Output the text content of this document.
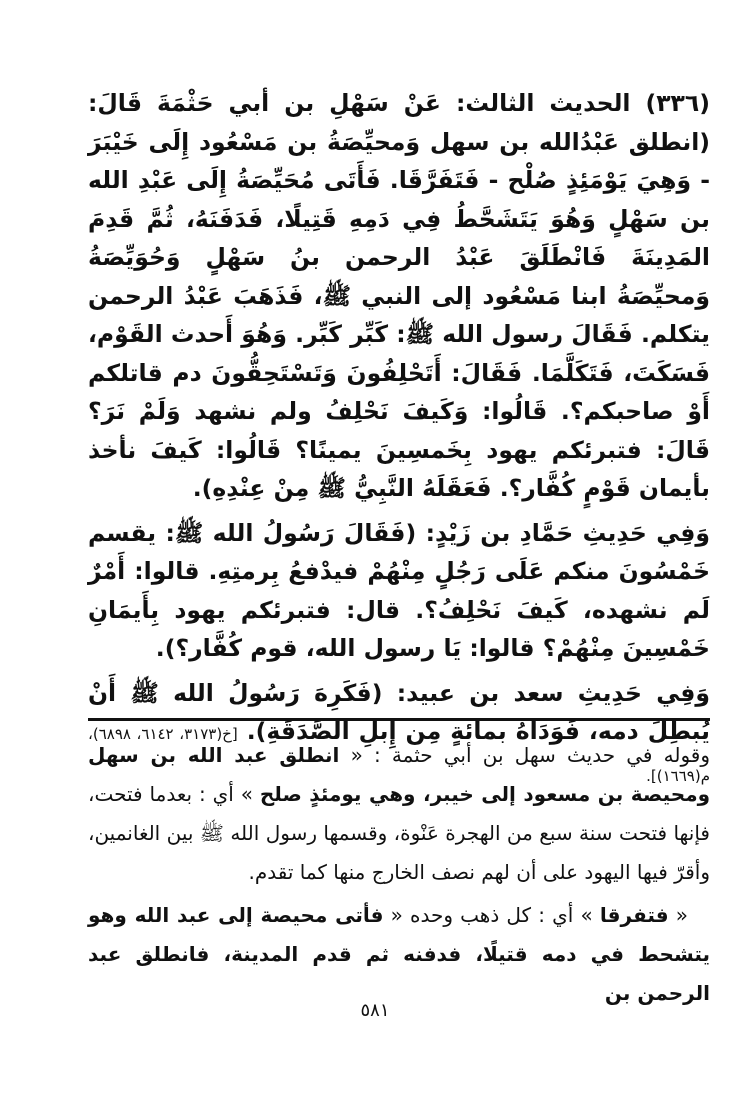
(٣٣٦) الحديث الثالث: عَنْ سَهْلِ بن أبي حَثْمَةَ قَالَ: (انطلق عَبْدُالله بن سهل وَمحيِّصَةُ بن مَسْعُود إِلَى خَيْبَرَ - وَهِيَ يَوْمَئِذٍ صُلْح - فَتَفَرَّقَا. فَأَتَى مُحَيِّصَةُ إِلَى عَبْدِ الله بن سَهْلٍ وَهُوَ يَتَشَحَّطُ فِي دَمِهِ قَتِيلًا، فَدَفَنَهُ، ثُمَّ قَدِمَ المَدِينَةَ فَانْطَلَقَ عَبْدُ الرحمن بنُ سَهْلٍ وَحُوَيِّصَةُ وَمحيِّصَةُ ابنا مَسْعُود إلى النبي ﷺ، فَذَهَبَ عَبْدُ الرحمن يتكلم. فَقَالَ رسول الله ﷺ: كَبِّر كَبِّر. وَهُوَ أَحدث القَوْم، فَسَكَتَ، فَتَكَلَّمَا. فَقَالَ: أَتَحْلِفُونَ وَتَسْتَحِقُّونَ دم قاتلكم أَوْ صاحبكم؟. قَالُوا: وَكَيفَ نَحْلِفُ ولم نشهد وَلَمْ نَرَ؟ قَالَ: فتبرئكم يهود بِخَمسِينَ يمينًا؟ قَالُوا: كَيفَ نأخذ بأيمان قَوْمٍ كُفَّار؟. فَعَقَلَهُ النَّبِيُّ ﷺ مِنْ عِنْدِهِ).

وَفِي حَدِيثِ حَمَّادِ بن زَيْدٍ: (فَقَالَ رَسُولُ الله ﷺ: يقسم خَمْسُونَ منكم عَلَى رَجُلٍ مِنْهُمْ فيدْفعُ بِرمتِهِ. قالوا: أَمْرٌ لَم نشهده، كَيفَ نَحْلِفُ؟. قال: فتبرئكم يهود بِأَيمَانِ خَمْسِينَ مِنْهُمْ؟ قالوا: يَا رسول الله، قوم كُفَّار؟).

وَفِي حَدِيثِ سعد بن عبيد: (فَكَرِهَ رَسُولُ الله ﷺ أَنْ يُبطِلَ دمه، فَوَدَاهُ بمائةٍ مِن إِبلِ الصَّدَقَةِ). [خ(٣١٧٣، ٦١٤٢، ٦٨٩٨)، م(١٦٦٩)].

وقوله في حديث سهل بن أبي حثمة : « انطلق عبد الله بن سهل ومحيصة بن مسعود إلى خيبر، وهي يومئذٍ صلح » أي : بعدما فتحت، فإنها فتحت سنة سبع من الهجرة عَنْوة، وقسمها رسول الله ﷺ بين الغانمين، وأقرّ فيها اليهود على أن لهم نصف الخارج منها كما تقدم.

« فتفرقا » أي : كل ذهب وحده « فأتى محيصة إلى عبد الله وهو يتشحط في دمه قتيلًا، فدفنه ثم قدم المدينة، فانطلق عبد الرحمن بن

٥٨١
